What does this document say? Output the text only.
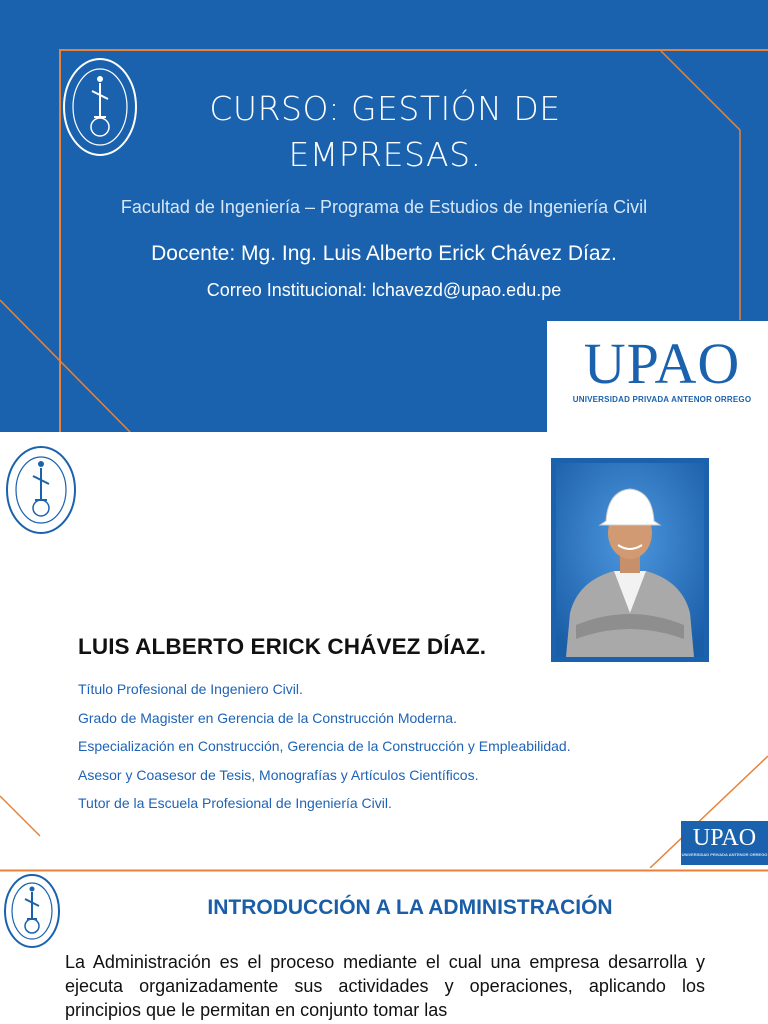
CURSO: GESTIÓN DE
EMPRESAS.
Facultad de Ingeniería – Programa de Estudios de Ingeniería Civil
Docente: Mg. Ing. Luis Alberto Erick Chávez Díaz.
Correo Institucional: lchavezd@upao.edu.pe
UPAO
UNIVERSIDAD PRIVADA ANTENOR ORREGO
LUIS ALBERTO ERICK CHÁVEZ DÍAZ.
Título Profesional de Ingeniero Civil.
Grado de Magister en Gerencia de la Construcción Moderna.
Especialización en Construcción, Gerencia de la Construcción y Empleabilidad.
Asesor y Coasesor de Tesis, Monografías y Artículos Científicos.
Tutor de la Escuela Profesional de Ingeniería Civil.
UPAO
UNIVERSIDAD PRIVADA ANTENOR ORREGO
INTRODUCCIÓN A LA ADMINISTRACIÓN
La Administración es el proceso mediante el cual una empresa desarrolla y ejecuta organizadamente sus actividades y operaciones, aplicando los principios que le permitan en conjunto tomar las
